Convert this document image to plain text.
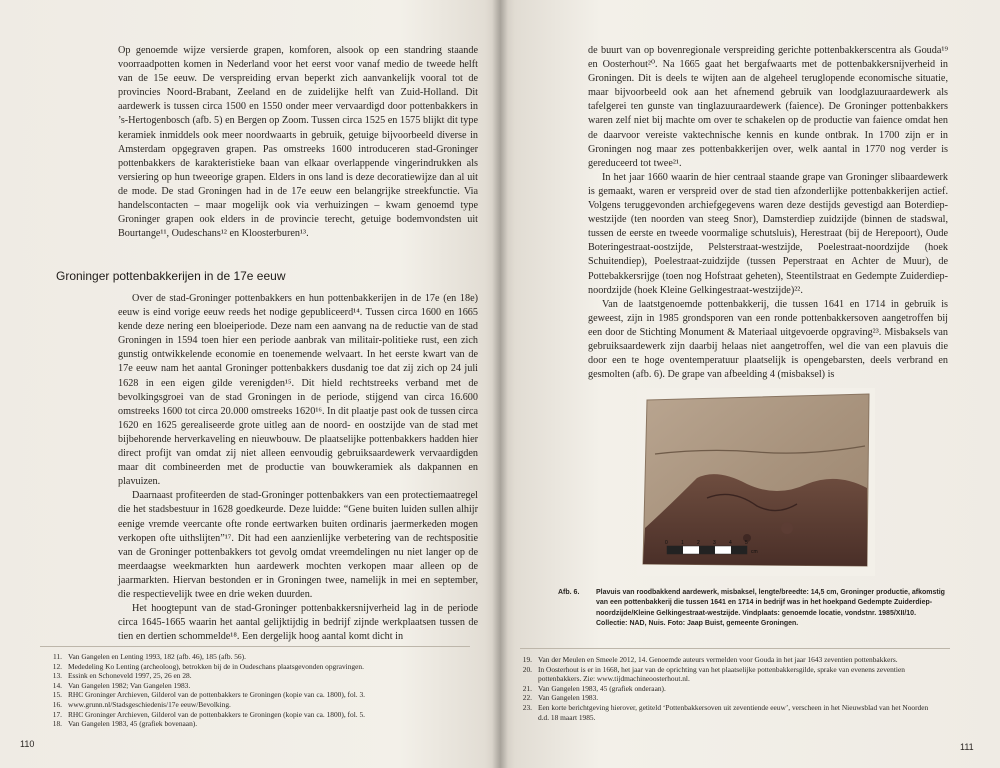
Op genoemde wijze versierde grapen, komforen, alsook op een standring staande voorraadpotten komen in Nederland voor het eerst voor vanaf medio de tweede helft van de 15e eeuw. De verspreiding ervan beperkt zich aanvankelijk vooral tot de provincies Noord-Brabant, Zeeland en de zuidelijke helft van Zuid-Holland. Dit aardewerk is tussen circa 1500 en 1550 onder meer vervaardigd door pottenbakkers in ’s-Hertogenbosch (afb. 5) en Bergen op Zoom. Tussen circa 1525 en 1575 blijkt dit type keramiek inmiddels ook meer noordwaarts in gebruik, getuige bijvoorbeeld diverse in Amsterdam opgegraven grapen. Pas omstreeks 1600 introduceren stad-Groninger pottenbakkers de karakteristieke baan van elkaar overlappende vingerindrukken als versiering op hun tweeorige grapen. Elders in ons land is deze decoratiewijze dan al uit de mode. De stad Groningen had in de 17e eeuw een belangrijke streekfunctie. Via handelscontacten – maar mogelijk ook via verhuizingen – kwam genoemd type Groninger grapen ook elders in de provincie terecht, getuige bodemvondsten uit Bourtange¹¹, Oudeschans¹² en Kloosterburen¹³.

Groninger pottenbakkerijen in de 17e eeuw

Over de stad-Groninger pottenbakkers en hun pottenbakkerijen in de 17e (en 18e) eeuw is eind vorige eeuw reeds het nodige gepubliceerd¹⁴. Tussen circa 1600 en 1665 kende deze nering een bloeiperiode. Deze nam een aanvang na de reductie van de stad Groningen in 1594 toen hier een periode aanbrak van militair-politieke rust, een zich gunstig ontwikkelende economie en toenemende welvaart. In het eerste kwart van de 17e eeuw nam het aantal Groninger pottenbakkers dusdanig toe dat zij zich op 24 juli 1628 in een eigen gilde verenigden¹⁵. Dit hield rechtstreeks verband met de bevolkingsgroei van de stad Groningen in de periode, stijgend van circa 16.600 omstreeks 1600 tot circa 20.000 omstreeks 1620¹⁶. In dit plaatje past ook de tussen circa 1620 en 1625 gerealiseerde grote uitleg aan de noord- en oostzijde van de stad met bijbehorende herverkaveling en nieuwbouw. De plaatselijke pottenbakkers hadden hier direct profijt van omdat zij niet alleen eenvoudig gebruiksaardewerk vervaardigden maar dit combineerden met de productie van bouwkeramiek als dakpannen en plavuizen.

Daarnaast profiteerden de stad-Groninger pottenbakkers van een protectiemaatregel die het stadsbestuur in 1628 goedkeurde. Deze luidde: “Gene buiten luiden sullen alhijr eenige vremde veercante ofte ronde eertwarken buiten ordinaris jaermerkeden mogen verkopen ofte uithslijten”¹⁷. Dit had een aanzienlijke verbetering van de rechtspositie van de Groninger pottenbakkers tot gevolg omdat vreemdelingen nu niet langer op de meerdaagse weekmarkten hun aardewerk mochten verkopen maar alleen op de jaarmarkten. Hiervan bestonden er in Groningen twee, namelijk in mei en september, die respectievelijk twee en drie weken duurden.

Het hoogtepunt van de stad-Groninger pottenbakkersnijverheid lag in de periode circa 1645-1665 waarin het aantal gelijktijdig in bedrijf zijnde werkplaatsen tussen de tien en dertien schommelde¹⁸. Een dergelijk hoog aantal komt dicht in

11. Van Gangelen en Lenting 1993, 182 (afb. 46), 185 (afb. 56).
12. Mededeling Ko Lenting (archeoloog), betrokken bij de in Oudeschans plaatsgevonden opgravingen.
13. Essink en Schoneveld 1997, 25, 26 en 28.
14. Van Gangelen 1982; Van Gangelen 1983.
15. RHC Groninger Archieven, Gilderol van de pottenbakkers te Groningen (kopie van ca. 1800), fol. 3.
16. www.grunn.nl/Stadsgeschiedenis/17e eeuw/Bevolking.
17. RHC Groninger Archieven, Gilderol van de pottenbakkers te Groningen (kopie van ca. 1800), fol. 5.
18. Van Gangelen 1983, 45 (grafiek bovenaan).
110

de buurt van op bovenregionale verspreiding gerichte pottenbakkerscentra als Gouda¹⁹ en Oosterhout²⁰. Na 1665 gaat het bergafwaarts met de pottenbakkersnijverheid in Groningen. Dit is deels te wijten aan de algeheel teruglopende economische situatie, maar bijvoorbeeld ook aan het afnemend gebruik van loodglazuuraardewerk als tafelgerei ten gunste van tinglazuuraardewerk (faience). De Groninger pottenbakkers waren zelf niet bij machte om over te schakelen op de productie van faience omdat hen de daarvoor vereiste vaktechnische kennis en kunde ontbrak. In 1700 zijn er in Groningen nog maar zes pottenbakkerijen over, welk aantal in 1770 nog verder is gereduceerd tot twee²¹.

In het jaar 1660 waarin de hier centraal staande grape van Groninger slibaardewerk is gemaakt, waren er verspreid over de stad tien afzonderlijke pottenbakkerijen actief. Volgens teruggevonden archiefgegevens waren deze destijds gevestigd aan Boterdiep-westzijde (ten noorden van steeg Snor), Damsterdiep zuidzijde (binnen de stadswal, tussen de eerste en tweede voormalige schutsluis), Herestraat (bij de Herepoort), Oude Boteringestraat-oostzijde, Pelsterstraat-westzijde, Poelestraat-noordzijde (hoek Schuitendiep), Poelestraat-zuidzijde (tussen Peperstraat en Achter de Muur), de Pottebakkersrijge (toen nog Hofstraat geheten), Steentilstraat en Gedempte Zuiderdiep-noordzijde (hoek Kleine Gelkingestraat-westzijde)²².

Van de laatstgenoemde pottenbakkerij, die tussen 1641 en 1714 in gebruik is geweest, zijn in 1985 grondsporen van een ronde pottenbakkersoven aangetroffen bij een door de Stichting Monument & Materiaal uitgevoerde opgraving²³. Misbaksels van gebruiksaardewerk zijn daarbij helaas niet aangetroffen, wel die van een plavuis die door een te hoge oventemperatuur plaatselijk is opengebarsten, deels verbrand en gesmolten (afb. 6). De grape van afbeelding 4 (misbaksel) is

0	1	2	3	4	5
cm
Afb. 6.	Plavuis van roodbakkend aardewerk, misbaksel, lengte/breedte: 14,5 cm, Groninger productie, afkomstig van een pottenbakkerij die tussen 1641 en 1714 in bedrijf was in het hoekpand Gedempte Zuiderdiep-noordzijde/Kleine Gelkingestraat-westzijde. Vindplaats: genoemde locatie, vondstnr. 1985/XII/10. Collectie: NAD, Nuis. Foto: Jaap Buist, gemeente Groningen.
19. Van der Meulen en Smeele 2012, 14. Genoemde auteurs vermelden voor Gouda in het jaar 1643 zeventien pottenbakkers.
20. In Oosterhout is er in 1668, het jaar van de oprichting van het plaatselijke pottenbakkersgilde, sprake van evenens zeventien pottenbakkers. Zie: www.tijdmachineoosterhout.nl.
21. Van Gangelen 1983, 45 (grafiek onderaan).
22. Van Gangelen 1983.
23. Een korte berichtgeving hierover, getiteld ‘Pottenbakkersoven uit zeventiende eeuw’, verscheen in het Nieuwsblad van het Noorden d.d. 18 maart 1985.
111
